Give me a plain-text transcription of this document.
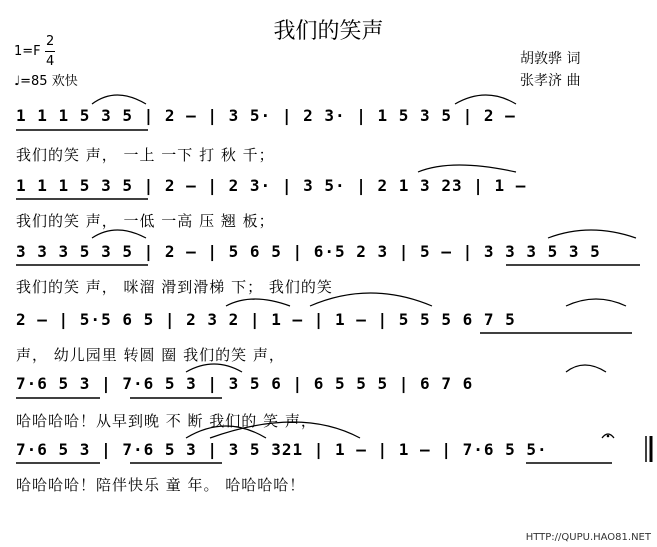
我们的笑声
1=F
2
4
♩=85 欢快
胡敦骅 词
张孝济 曲
1 1 1 5 3 5 | 2 — | 3 5· | 2 3· | 1 5 3 5 | 2 —
我们的笑 声， 一上 一下 打 秋 千；
1 1 1 5 3 5 | 2 — | 2 3· | 3 5· | 2 1 3 23 | 1 —
我们的笑 声， 一低 一高 压 翘 板；
3 3 3 5 3 5 | 2 — | 5 6 5 | 6·5 2 3 | 5 — | 3 3 3 5 3 5
我们的笑 声， 咪溜 滑到滑梯 下； 我们的笑
2 — | 5·5 6 5 | 2 3 2 | 1 — | 1 — | 5 5 5 6 7 5
声， 幼儿园里 转圆 圈 我们的笑 声，
7·6 5 3 | 7·6 5 3 | 3 5 6 | 6 5 5 5 | 6 7 6
哈哈哈哈！从早到晚 不 断 我们的 笑 声，
7·6 5 3 | 7·6 5 3 | 3 5 321 | 1 — | 1 — | 7·6 5 5·
哈哈哈哈！陪伴快乐 童 年。 哈哈哈哈！
HTTP://QUPU.HAO81.NET
